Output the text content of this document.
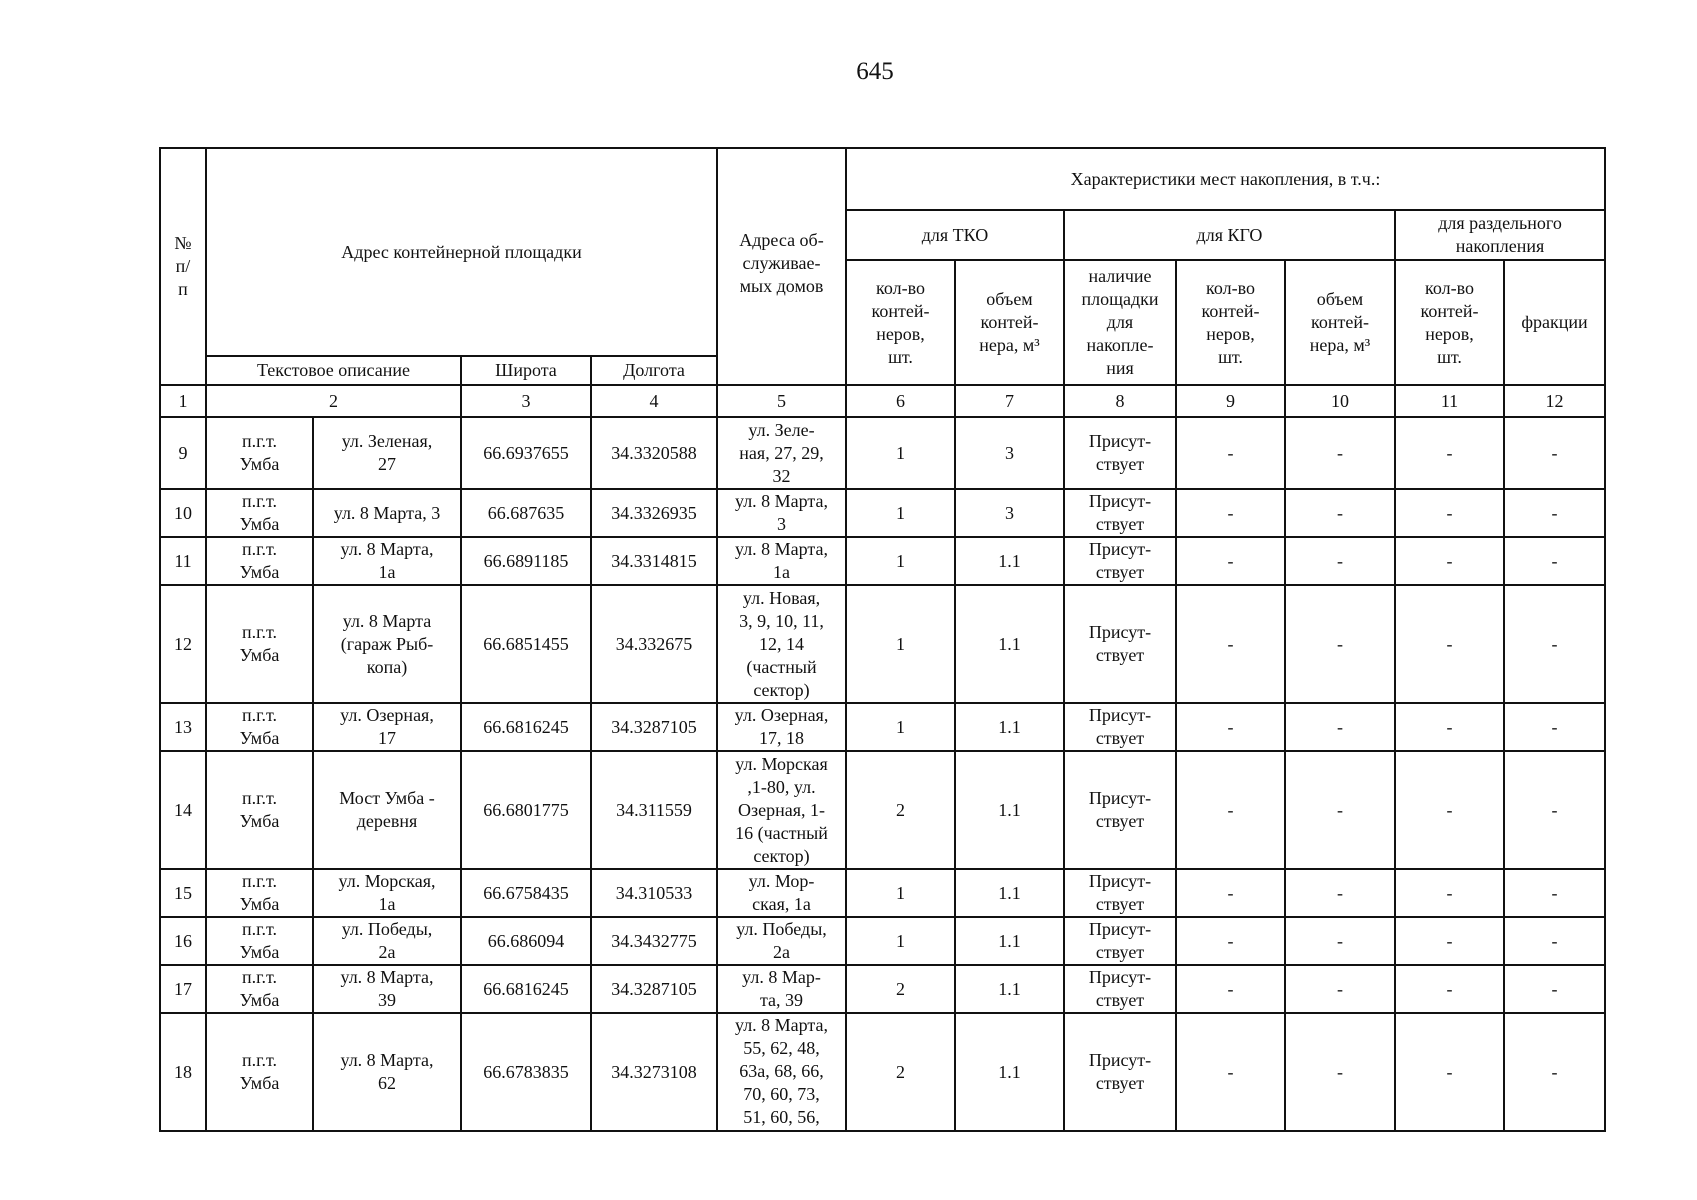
645
№
п/
п	Адрес контейнерной площадки				Адреса об-
служивае-
мых домов	Характеристики мест накопления, в т.ч.:						
						для ТКО		для КГО			для раздельного накопления	
						кол-во
контей-
неров,
шт.	объем
контей-
нера, м³	наличие
площадки
для
накопле-
ния	кол-во
контей-
неров,
шт.	объем
контей-
нера, м³	кол-во
контей-
неров,
шт.	фракции
	Текстовое описание		Широта	Долгота								
1	2		3	4	5	6	7	8	9	10	11	12
9	п.г.т.
Умба	ул. Зеленая,
27	66.6937655	34.3320588	ул. Зеле-
ная, 27, 29,
32	1	3	Присут-
ствует	-	-	-	-
10	п.г.т.
Умба	ул. 8 Марта, 3	66.687635	34.3326935	ул. 8 Марта,
3	1	3	Присут-
ствует	-	-	-	-
11	п.г.т.
Умба	ул. 8 Марта,
1а	66.6891185	34.3314815	ул. 8 Марта,
1а	1	1.1	Присут-
ствует	-	-	-	-
12	п.г.т.
Умба	ул. 8 Марта
(гараж Рыб-
копа)	66.6851455	34.332675	ул. Новая,
3, 9, 10, 11,
12, 14
(частный
сектор)	1	1.1	Присут-
ствует	-	-	-	-
13	п.г.т.
Умба	ул. Озерная,
17	66.6816245	34.3287105	ул. Озерная,
17, 18	1	1.1	Присут-
ствует	-	-	-	-
14	п.г.т.
Умба	Мост Умба -
деревня	66.6801775	34.311559	ул. Морская
,1-80, ул.
Озерная, 1-
16 (частный
сектор)	2	1.1	Присут-
ствует	-	-	-	-
15	п.г.т.
Умба	ул. Морская,
1а	66.6758435	34.310533	ул. Мор-
ская, 1а	1	1.1	Присут-
ствует	-	-	-	-
16	п.г.т.
Умба	ул. Победы,
2а	66.686094	34.3432775	ул. Победы,
2а	1	1.1	Присут-
ствует	-	-	-	-
17	п.г.т.
Умба	ул. 8 Марта,
39	66.6816245	34.3287105	ул. 8 Мар-
та, 39	2	1.1	Присут-
ствует	-	-	-	-
18	п.г.т.
Умба	ул. 8 Марта,
62	66.6783835	34.3273108	ул. 8 Марта,
55, 62, 48,
63а, 68, 66,
70, 60, 73,
51, 60, 56,	2	1.1	Присут-
ствует	-	-	-	-
